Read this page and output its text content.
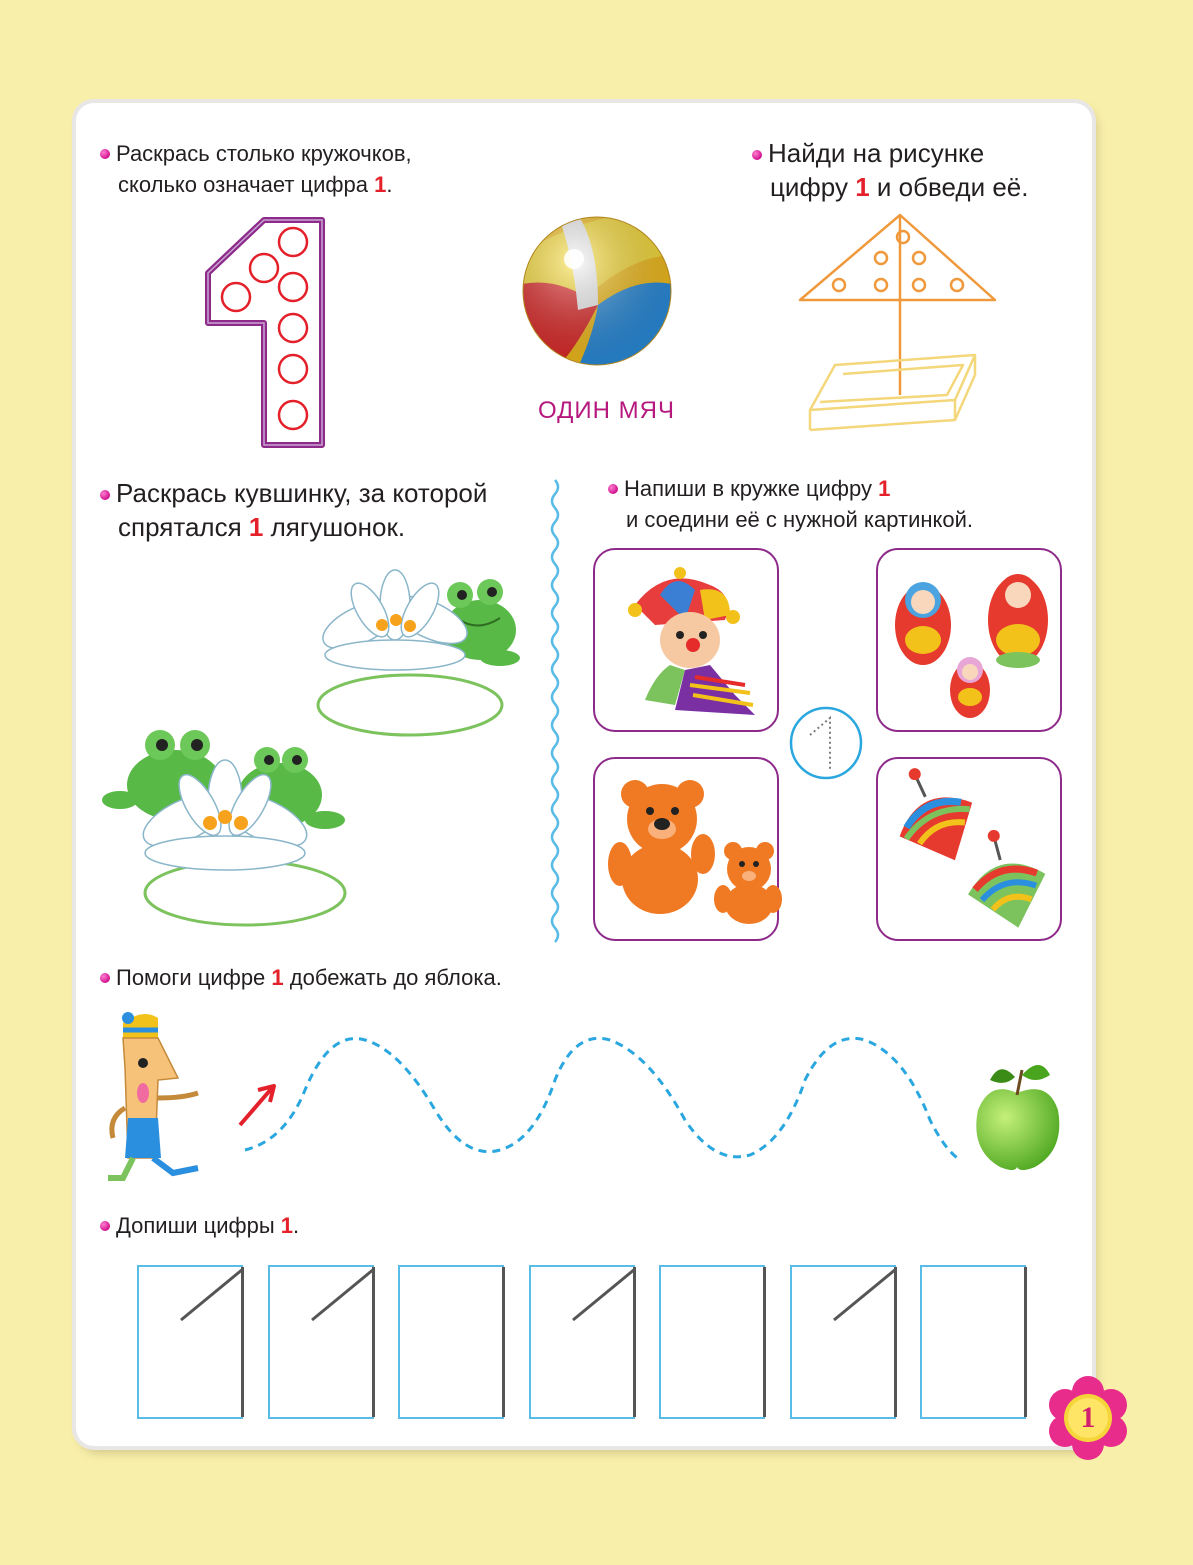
Раскрась столько кружочков,
сколько означает цифра 1.
ОДИН МЯЧ
Найди на рисунке
цифру 1 и обведи её.
Раскрась кувшинку, за которой
спрятался 1 лягушонок.
Напиши в кружке цифру 1
и соедини её с нужной картинкой.
Помоги цифре 1 добежать до яблока.
Допиши цифры 1.
1
